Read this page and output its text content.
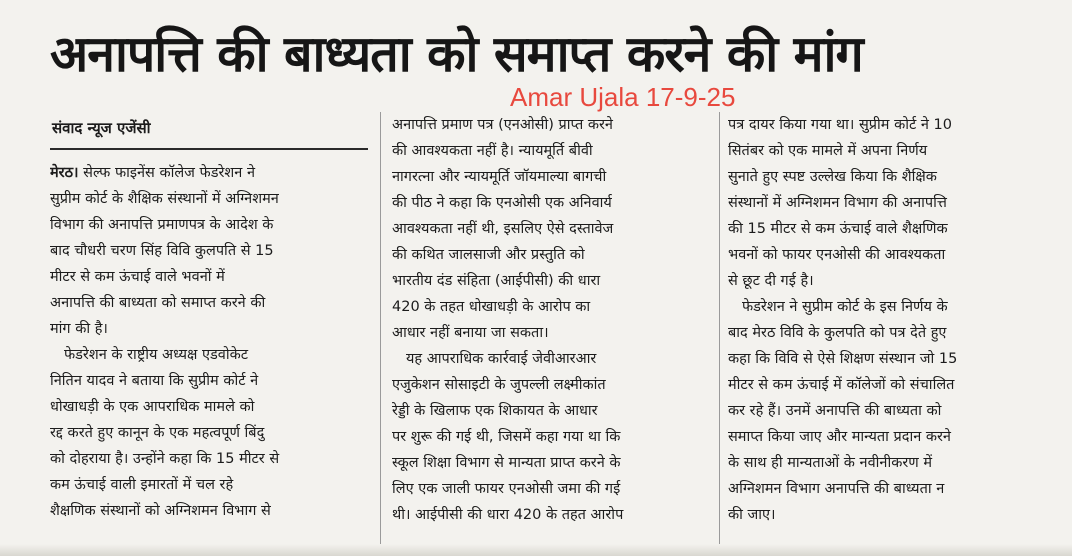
अनापत्ति की बाध्यता को समाप्त करने की मांग
Amar Ujala 17-9-25
संवाद न्यूज एजेंसी
मेरठ। सेल्फ फाइनेंस कॉलेज फेडरेशन ने
सुप्रीम कोर्ट के शैक्षिक संस्थानों में अग्निशमन
विभाग की अनापत्ति प्रमाणपत्र के आदेश के
बाद चौधरी चरण सिंह विवि कुलपति से 15
मीटर से कम ऊंचाई वाले भवनों में
अनापत्ति की बाध्यता को समाप्त करने की
मांग की है।
फेडरेशन के राष्ट्रीय अध्यक्ष एडवोकेट
नितिन यादव ने बताया कि सुप्रीम कोर्ट ने
धोखाधड़ी के एक आपराधिक मामले को
रद्द करते हुए कानून के एक महत्वपूर्ण बिंदु
को दोहराया है। उन्होंने कहा कि 15 मीटर से
कम ऊंचाई वाली इमारतों में चल रहे
शैक्षणिक संस्थानों को अग्निशमन विभाग से
अनापत्ति प्रमाण पत्र (एनओसी) प्राप्त करने
की आवश्यकता नहीं है। न्यायमूर्ति बीवी
नागरत्ना और न्यायमूर्ति जॉयमाल्या बागची
की पीठ ने कहा कि एनओसी एक अनिवार्य
आवश्यकता नहीं थी, इसलिए ऐसे दस्तावेज
की कथित जालसाजी और प्रस्तुति को
भारतीय दंड संहिता (आईपीसी) की धारा
420 के तहत धोखाधड़ी के आरोप का
आधार नहीं बनाया जा सकता।
यह आपराधिक कार्रवाई जेवीआरआर
एजुकेशन सोसाइटी के जुपल्ली लक्ष्मीकांत
रेड्डी के खिलाफ एक शिकायत के आधार
पर शुरू की गई थी, जिसमें कहा गया था कि
स्कूल शिक्षा विभाग से मान्यता प्राप्त करने के
लिए एक जाली फायर एनओसी जमा की गई
थी। आईपीसी की धारा 420 के तहत आरोप
पत्र दायर किया गया था। सुप्रीम कोर्ट ने 10
सितंबर को एक मामले में अपना निर्णय
सुनाते हुए स्पष्ट उल्लेख किया कि शैक्षिक
संस्थानों में अग्निशमन विभाग की अनापत्ति
की 15 मीटर से कम ऊंचाई वाले शैक्षणिक
भवनों को फायर एनओसी की आवश्यकता
से छूट दी गई है।
फेडरेशन ने सुप्रीम कोर्ट के इस निर्णय के
बाद मेरठ विवि के कुलपति को पत्र देते हुए
कहा कि विवि से ऐसे शिक्षण संस्थान जो 15
मीटर से कम ऊंचाई में कॉलेजों को संचालित
कर रहे हैं। उनमें अनापत्ति की बाध्यता को
समाप्त किया जाए और मान्यता प्रदान करने
के साथ ही मान्यताओं के नवीनीकरण में
अग्निशमन विभाग अनापत्ति की बाध्यता न
की जाए।
